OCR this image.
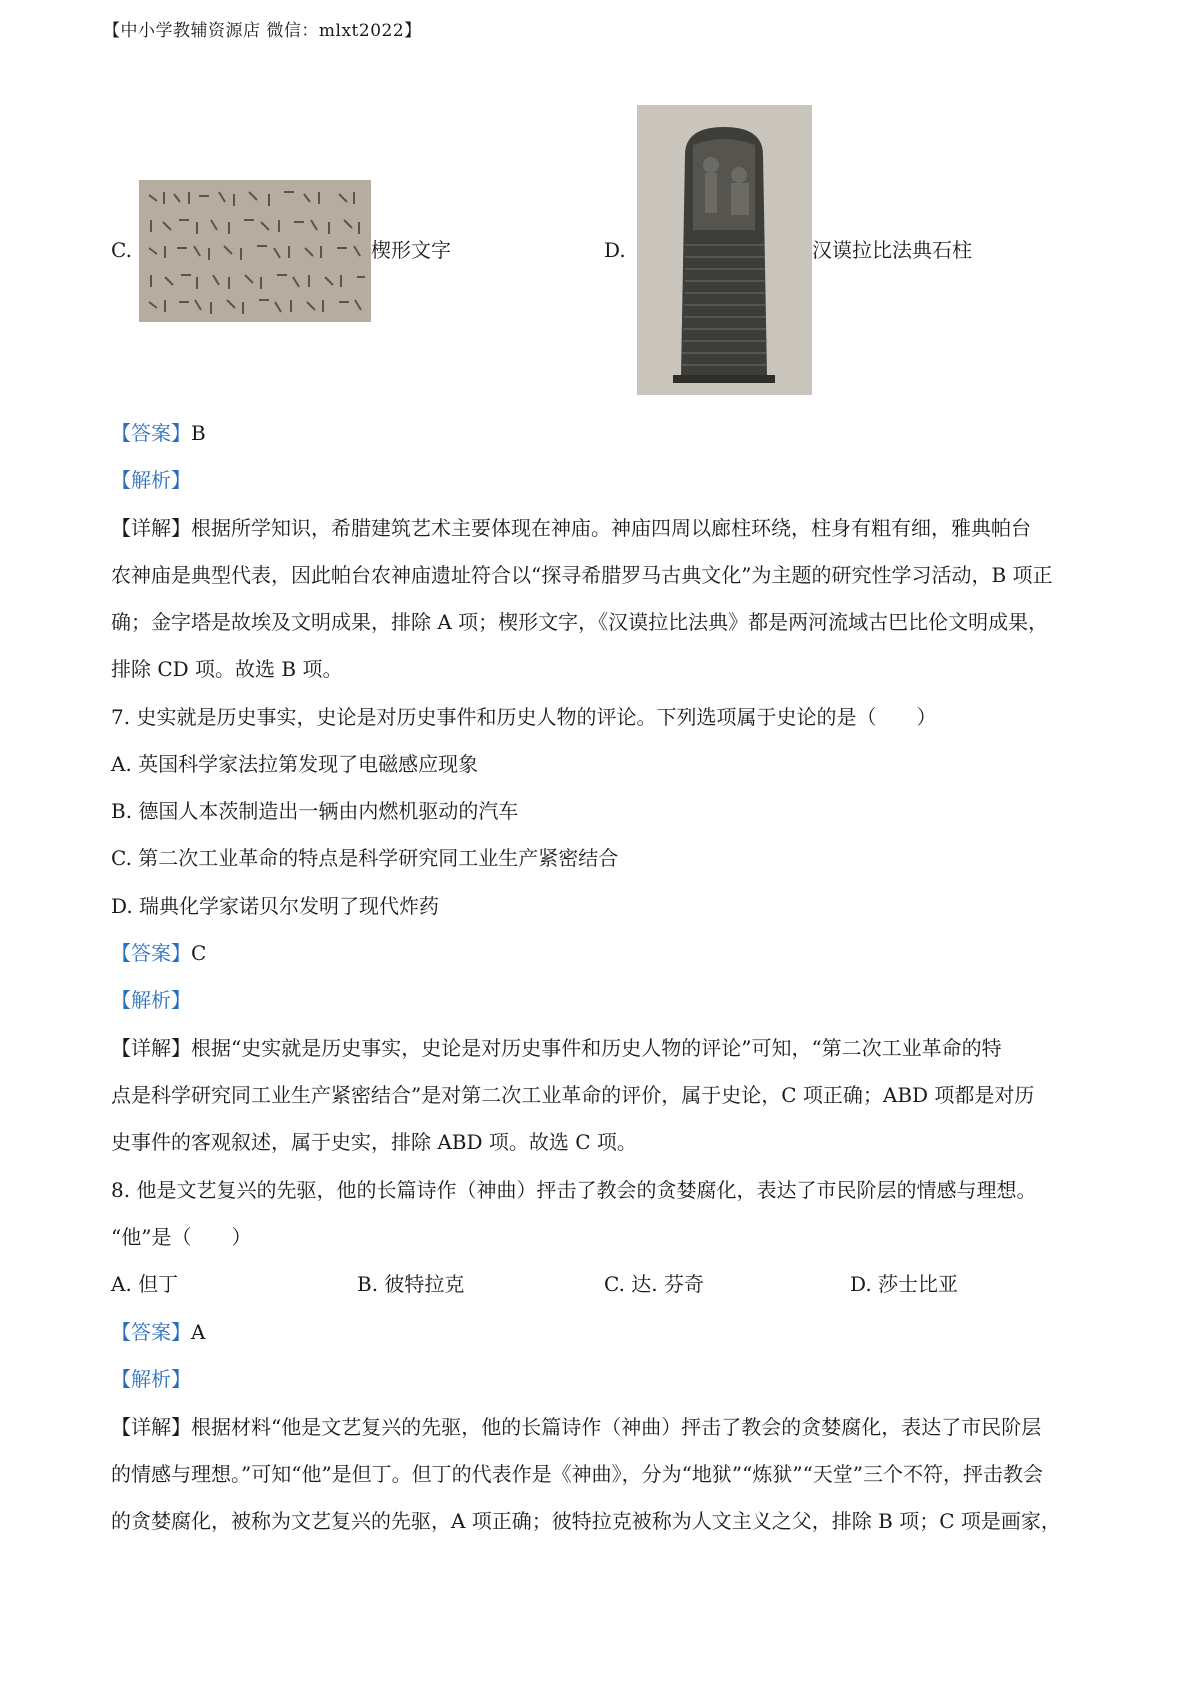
【中小学教辅资源店 微信：mlxt2022】
C.	楔形文字	D.	汉谟拉比法典石柱
【答案】B
【解析】
【详解】根据所学知识，希腊建筑艺术主要体现在神庙。神庙四周以廊柱环绕，柱身有粗有细，雅典帕台
农神庙是典型代表，因此帕台农神庙遗址符合以“探寻希腊罗马古典文化”为主题的研究性学习活动，B 项正
确；金字塔是故埃及文明成果，排除 A 项；楔形文字，《汉谟拉比法典》都是两河流域古巴比伦文明成果，
排除 CD 项。故选 B 项。
7. 史实就是历史事实，史论是对历史事件和历史人物的评论。下列选项属于史论的是（　　）
A. 英国科学家法拉第发现了电磁感应现象
B. 德国人本茨制造出一辆由内燃机驱动的汽车
C. 第二次工业革命的特点是科学研究同工业生产紧密结合
D. 瑞典化学家诺贝尔发明了现代炸药
【答案】C
【解析】
【详解】根据“史实就是历史事实，史论是对历史事件和历史人物的评论”可知，“第二次工业革命的特
点是科学研究同工业生产紧密结合”是对第二次工业革命的评价，属于史论，C 项正确；ABD 项都是对历
史事件的客观叙述，属于史实，排除 ABD 项。故选 C 项。
8. 他是文艺复兴的先驱，他的长篇诗作（神曲）抨击了教会的贪婪腐化，表达了市民阶层的情感与理想。
“他”是（　　）
A. 但丁	B. 彼特拉克	C. 达. 芬奇	D. 莎士比亚
【答案】A
【解析】
【详解】根据材料“他是文艺复兴的先驱，他的长篇诗作（神曲）抨击了教会的贪婪腐化，表达了市民阶层
的情感与理想。”可知“他”是但丁。但丁的代表作是《神曲》，分为“地狱”“炼狱”“天堂”三个不符，抨击教会
的贪婪腐化，被称为文艺复兴的先驱，A 项正确；彼特拉克被称为人文主义之父，排除 B 项；C 项是画家，
